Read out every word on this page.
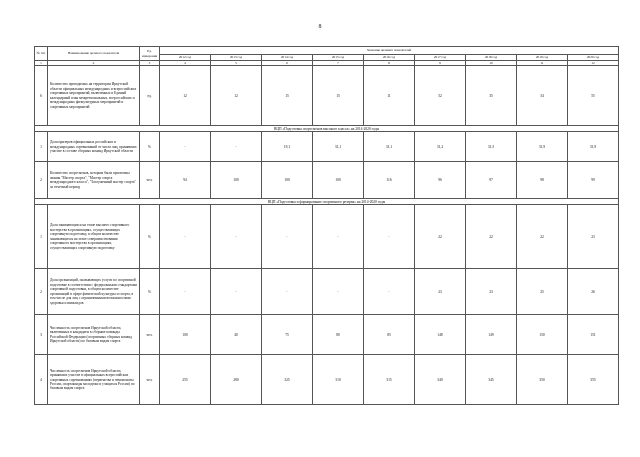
8
№ п/п	Наименование целевого показателя	Ед. измерения	Значение целевых показателей								
			2012 год	2013 год	2014 год	2015 год	2016 год	2017 год	2018 год	2019 год	2020 год
1	2	3	4	5	6	7	8	9	10	11	12
6	Количество проводимых на территории Иркутской области официальных международных и всероссийских спортивных мероприятий, включенных в Единый календарный план межрегиональных, всероссийских и международных физкультурных мероприятий и спортивных мероприятий	ед.	12	12	15	15	11	52	35	34	55
ВЦП «Подготовка спортсменов высокого класса» на 2014-2020 годы											
1	Доля призеров официальных российских и международных соревнований от числа лиц, принявших участие в составе сборных команд Иркутской области	%	-	-	19,1	31,1	31,1	31,2	31,5	31,9	31,9
2	Количество спортсменов, которым были присвоены звания "Мастер спорта", "Мастер спорта международного класса", "Заслуженный мастер спорта" за отчетный период	чел.	94	100	100	100	116	96	97	98	99
ВЦП «Подготовка и формирование спортивного резерва» на 2014-2020 годы											
1	Доля занимающихся на этапе высшего спортивного мастерства в организациях, осуществляющих спортивную подготовку, в общем количестве занимающихся на этапе совершенствования спортивного мастерства в организациях, осуществляющих спортивную подготовку	%	-	-	-	-	-	22	22	22	23
2	Доля организаций, оказывающих услуги по спортивной подготовке в соответствии с федеральными стандартами спортивной подготовки, в общем количестве организаций в сфере физической культуры и спорта, в том числе для лиц с ограниченными возможностями здоровья и инвалидов	%	-	-	-	-	-	23	23	25	26
3	Численность спортсменов Иркутской области, включенных в кандидаты в сборные команды Российской Федерации (спортивных сборных команд Иркутской области) по базовым видам спорта	чел.	100	40	75	80	85	148	149	150	151
4	Численность спортсменов Иркутской области, принявших участие в официальных всероссийских спортивных соревнованиях (первенства и чемпионаты России, спартакиады молодежи и учащихся России) по базовым видам спорта	чел.	255	280	325	310	315	340	345	350	355
